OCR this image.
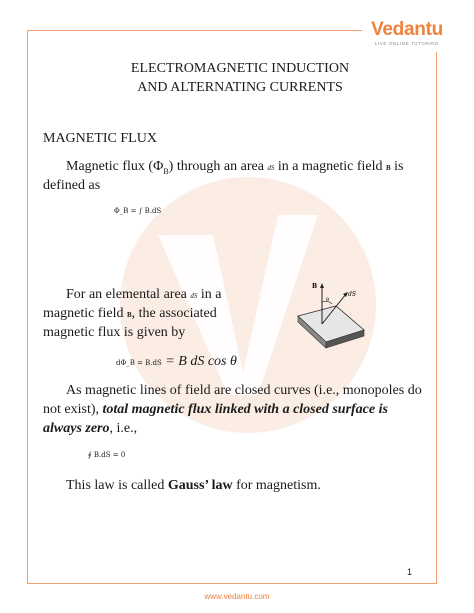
Vedantu
LIVE ONLINE TUTORING
ELECTROMAGNETIC INDUCTION
AND ALTERNATING CURRENTS
MAGNETIC FLUX
Magnetic flux $(\Phi_B)$ through an area dS in a magnetic field B is
defined as
Φ_B = ∫ B.dS
For an elemental area dS in a
magnetic field B, the associated
magnetic flux is given by
B
dS
θ
dΦ_B = B.dS = B dS cos θ
As magnetic lines of field are closed curves (i.e., monopoles do
not exist), total magnetic flux linked with a closed surface is
always zero, i.e.,
∮ B.dS = 0
This law is called Gauss’ law for magnetism.
1
www.vedantu.com
